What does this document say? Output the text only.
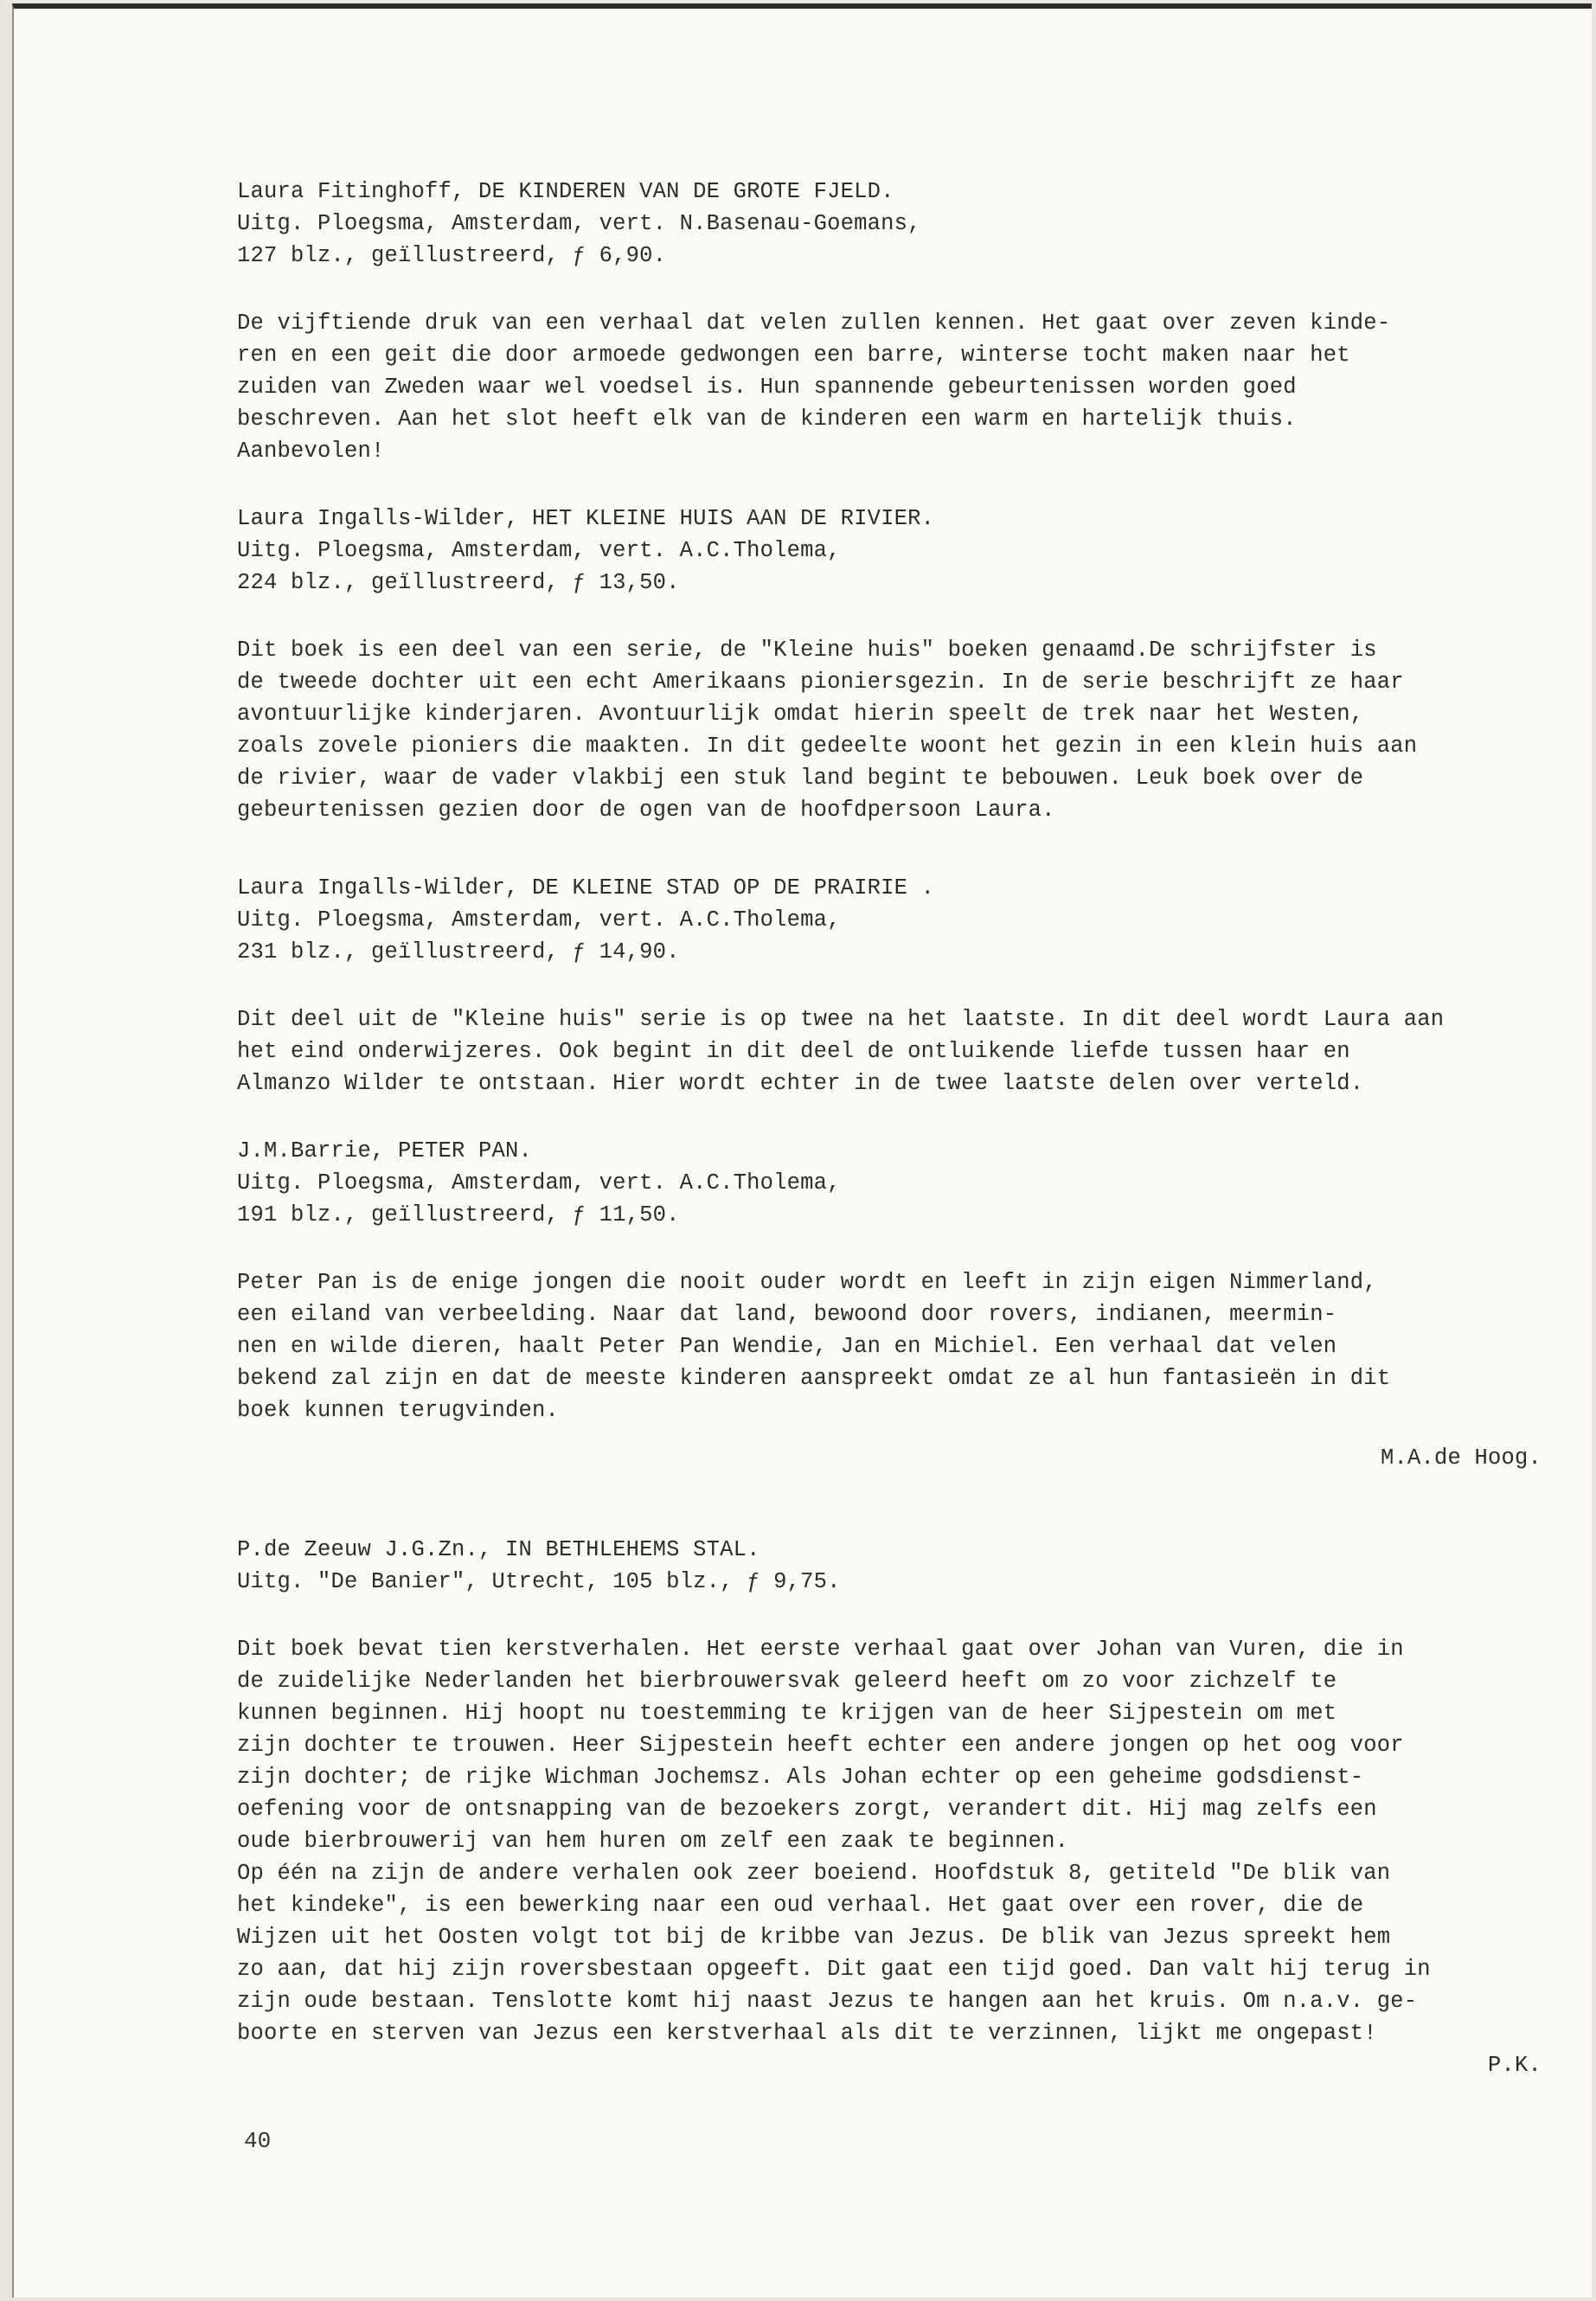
Laura Fitinghoff, DE KINDEREN VAN DE GROTE FJELD.
Uitg. Ploegsma, Amsterdam, vert. N.Basenau-Goemans,
127 blz., geïllustreerd, ƒ 6,90.
De vijftiende druk van een verhaal dat velen zullen kennen. Het gaat over zeven kinde-
ren en een geit die door armoede gedwongen een barre, winterse tocht maken naar het
zuiden van Zweden waar wel voedsel is. Hun spannende gebeurtenissen worden goed
beschreven. Aan het slot heeft elk van de kinderen een warm en hartelijk thuis.
Aanbevolen!
Laura Ingalls-Wilder, HET KLEINE HUIS AAN DE RIVIER.
Uitg. Ploegsma, Amsterdam, vert. A.C.Tholema,
224 blz., geïllustreerd, ƒ 13,50.
Dit boek is een deel van een serie, de "Kleine huis" boeken genaamd.De schrijfster is
de tweede dochter uit een echt Amerikaans pioniersgezin. In de serie beschrijft ze haar
avontuurlijke kinderjaren. Avontuurlijk omdat hierin speelt de trek naar het Westen,
zoals zovele pioniers die maakten. In dit gedeelte woont het gezin in een klein huis aan
de rivier, waar de vader vlakbij een stuk land begint te bebouwen. Leuk boek over de
gebeurtenissen gezien door de ogen van de hoofdpersoon Laura.
Laura Ingalls-Wilder, DE KLEINE STAD OP DE PRAIRIE .
Uitg. Ploegsma, Amsterdam, vert. A.C.Tholema,
231 blz., geïllustreerd, ƒ 14,90.
Dit deel uit de "Kleine huis" serie is op twee na het laatste. In dit deel wordt Laura aan
het eind onderwijzeres. Ook begint in dit deel de ontluikende liefde tussen haar en
Almanzo Wilder te ontstaan. Hier wordt echter in de twee laatste delen over verteld.
J.M.Barrie, PETER PAN.
Uitg. Ploegsma, Amsterdam, vert. A.C.Tholema,
191 blz., geïllustreerd, ƒ 11,50.
Peter Pan is de enige jongen die nooit ouder wordt en leeft in zijn eigen Nimmerland,
een eiland van verbeelding. Naar dat land, bewoond door rovers, indianen, meermin-
nen en wilde dieren, haalt Peter Pan Wendie, Jan en Michiel. Een verhaal dat velen
bekend zal zijn en dat de meeste kinderen aanspreekt omdat ze al hun fantasieën in dit
boek kunnen terugvinden.
M.A.de Hoog.
P.de Zeeuw J.G.Zn., IN BETHLEHEMS STAL.
Uitg. "De Banier", Utrecht, 105 blz., ƒ 9,75.
Dit boek bevat tien kerstverhalen. Het eerste verhaal gaat over Johan van Vuren, die in
de zuidelijke Nederlanden het bierbrouwersvak geleerd heeft om zo voor zichzelf te
kunnen beginnen. Hij hoopt nu toestemming te krijgen van de heer Sijpestein om met
zijn dochter te trouwen. Heer Sijpestein heeft echter een andere jongen op het oog voor
zijn dochter; de rijke Wichman Jochemsz. Als Johan echter op een geheime godsdienst-
oefening voor de ontsnapping van de bezoekers zorgt, verandert dit. Hij mag zelfs een
oude bierbrouwerij van hem huren om zelf een zaak te beginnen.
Op één na zijn de andere verhalen ook zeer boeiend. Hoofdstuk 8, getiteld "De blik van
het kindeke", is een bewerking naar een oud verhaal. Het gaat over een rover, die de
Wijzen uit het Oosten volgt tot bij de kribbe van Jezus. De blik van Jezus spreekt hem
zo aan, dat hij zijn roversbestaan opgeeft. Dit gaat een tijd goed. Dan valt hij terug in
zijn oude bestaan. Tenslotte komt hij naast Jezus te hangen aan het kruis. Om n.a.v. ge-
boorte en sterven van Jezus een kerstverhaal als dit te verzinnen, lijkt me ongepast!
P.K.
40
